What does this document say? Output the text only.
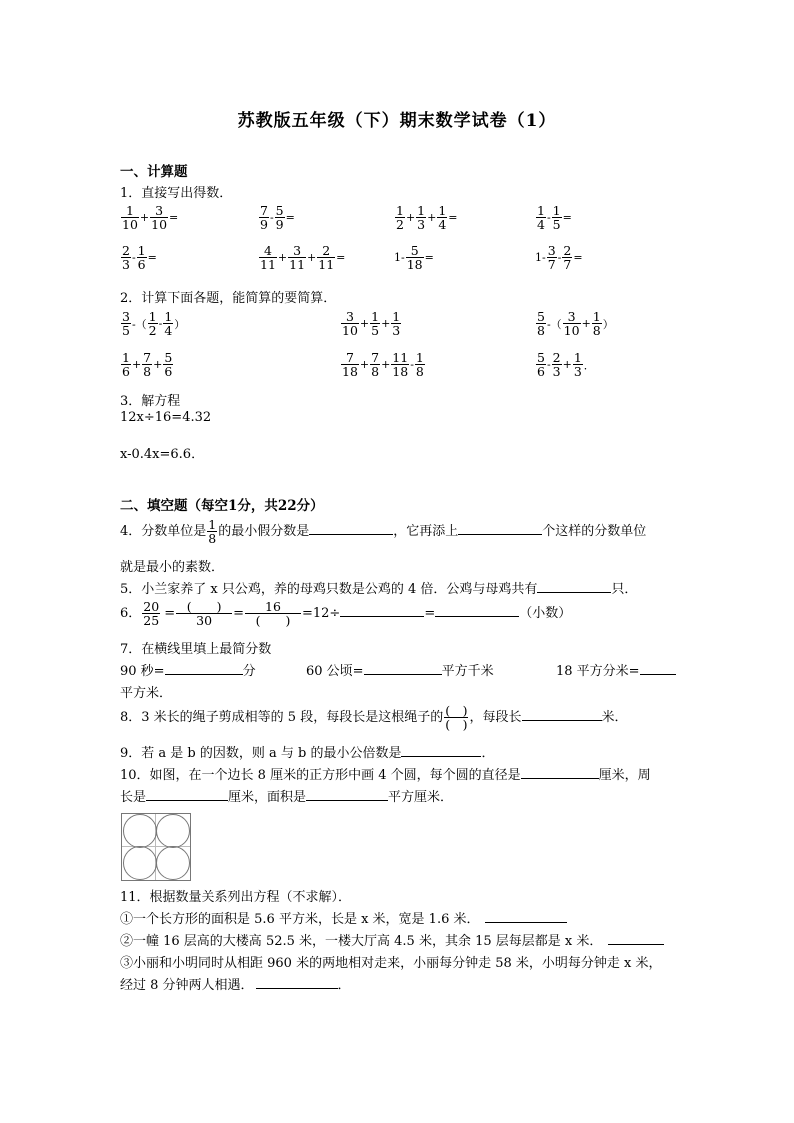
苏教版五年级（下）期末数学试卷（1）
一、计算题
1．直接写出得数．
$\frac{1}{10} + \frac{3}{10}$ =	$\frac{7}{9} - \frac{5}{9}$ =	$\frac{1}{2} + \frac{1}{3} + \frac{1}{4}$ =	$\frac{1}{4} - \frac{1}{5}$ =
$\frac{2}{3} - \frac{1}{6}$ =	$\frac{4}{11} + \frac{3}{11} + \frac{2}{11}$ =	$1- \frac{5}{18}$ =	$1- \frac{3}{7} - \frac{2}{7}$ =
2．计算下面各题，能简算的要简算．
$\frac{3}{5}$ -（ $\frac{1}{2} - \frac{1}{4}$ ）	$\frac{3}{10} + \frac{1}{5} + \frac{1}{3}$	$\frac{5}{8}$ -（ $\frac{3}{10} + \frac{1}{8}$ ）
$\frac{1}{6} + \frac{7}{8} + \frac{5}{6}$	$\frac{7}{18} + \frac{7}{8} + \frac{11}{18} - \frac{1}{8}$	$\frac{5}{6} - \frac{2}{3} + \frac{1}{3}$ ．
3．解方程
12x÷16=4.32
x-0.4x=6.6．
二、填空题（每空1分，共22分）
4．分数单位是 $\frac{1}{8}$ 的最小假分数是	，它再添上	个这样的分数单位
就是最小的素数．
5．小兰家养了 x 只公鸡，养的母鸡只数是公鸡的 4 倍．公鸡与母鸡共有	只．
6． $\frac{20}{25}$ = (　　)
30	=	16
(　　) =12÷	=	（小数）
7．在横线里填上最简分数
90 秒=	分	60 公顷=	平方千米	18 平方分米=
平方米．
8．3 米长的绳子剪成相等的 5 段，每段长是这根绳子的 (　)
(　) ，每段长	米．
9．若 a 是 b 的因数，则 a 与 b 的最小公倍数是	．
10．如图，在一个边长 8 厘米的正方形中画 4 个圆，每个圆的直径是	厘米，周
长是	厘米，面积是	平方厘米．
11．根据数量关系列出方程（不求解）．
①一个长方形的面积是 5.6 平方米，长是 x 米，宽是 1.6 米．
②一幢 16 层高的大楼高 52.5 米，一楼大厅高 4.5 米，其余 15 层每层都是 x 米．
③小丽和小明同时从相距 960 米的两地相对走来，小丽每分钟走 58 米，小明每分钟走 x 米，
经过 8 分钟两人相遇．	．
